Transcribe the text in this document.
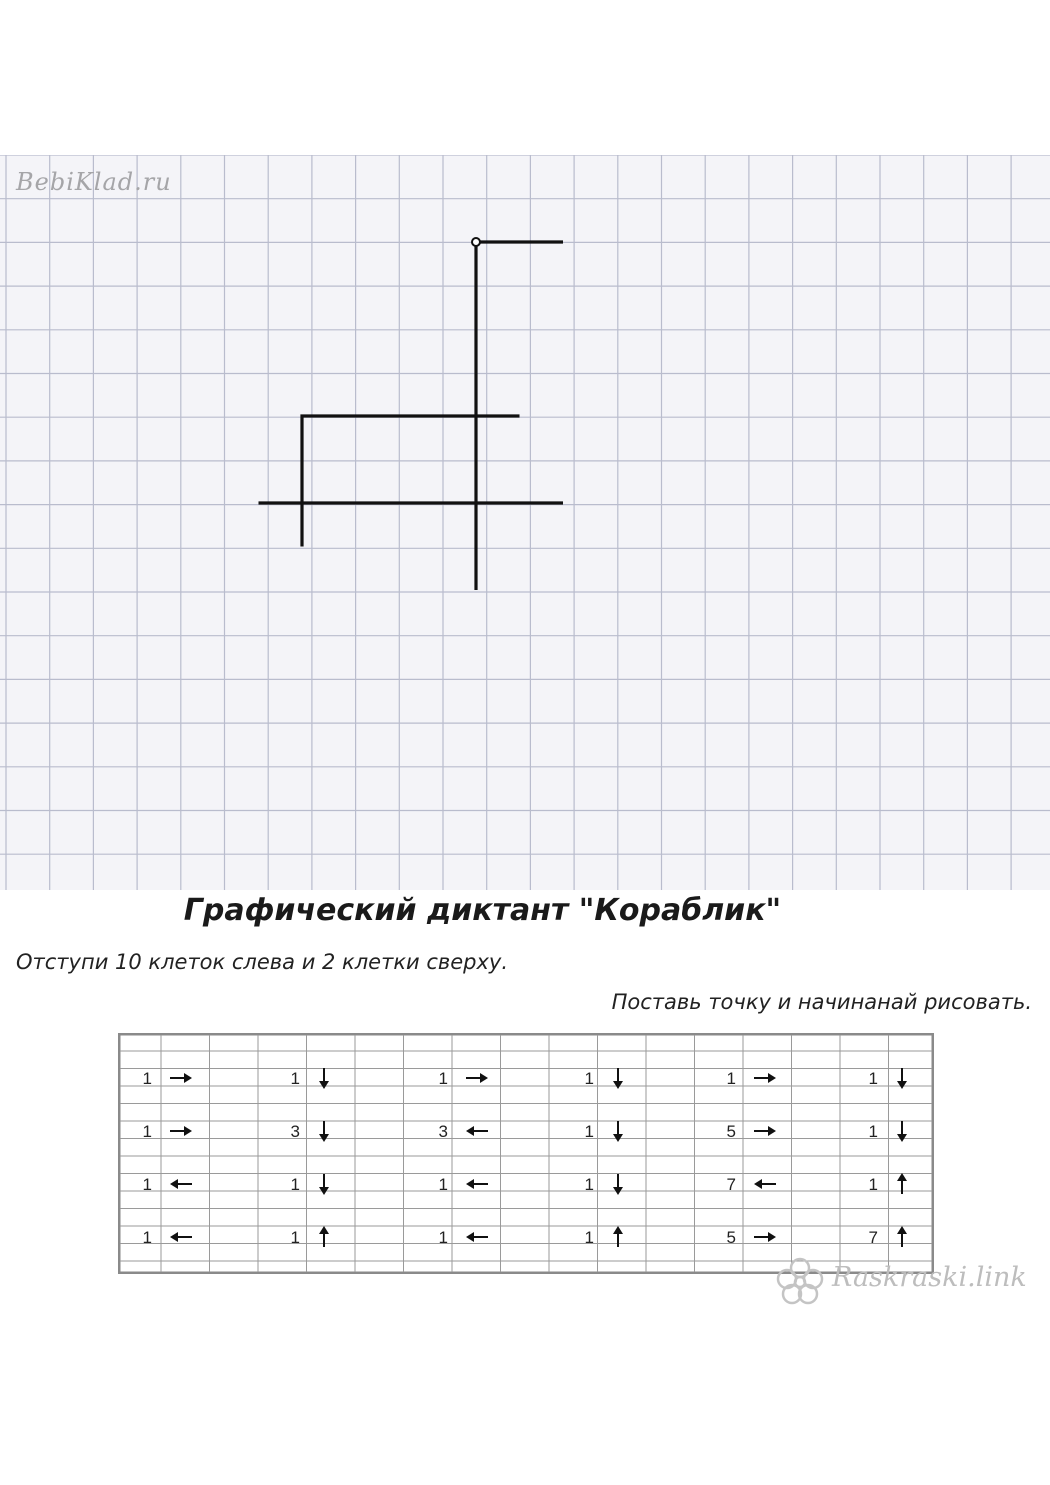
BebiKlad.ru
Графический диктант "Кораблик"
Отступи 10 клеток слева и 2 клетки сверху.
Поставь точку и начинанай рисовать.
1	1	1	1	1	1
1	3	3	1	5	1
1	1	1	1	7	1
1	1	1	1	5	7
Raskraski.link
